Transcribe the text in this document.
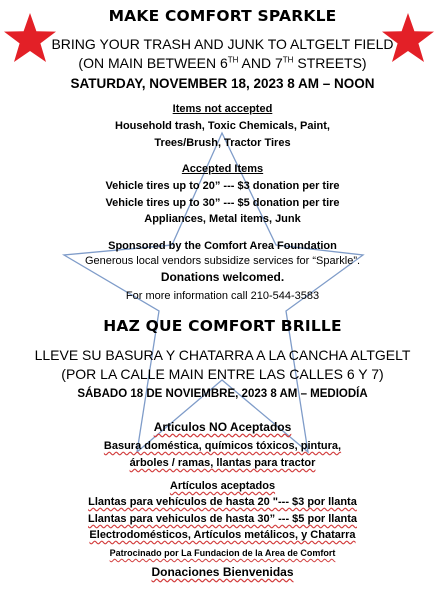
MAKE COMFORT SPARKLE
BRING YOUR TRASH AND JUNK TO ALTGELT FIELD
(ON MAIN BETWEEN 6TH AND 7TH STREETS)
SATURDAY, NOVEMBER 18, 2023 8 AM – NOON
Items not accepted
Household trash, Toxic Chemicals, Paint,
Trees/Brush, Tractor Tires
Accepted Items
Vehicle tires up to 20” --- $3 donation per tire
Vehicle tires up to 30” --- $5 donation per tire
Appliances, Metal items, Junk
Sponsored by the Comfort Area Foundation
Generous local vendors subsidize services for “Sparkle”.
Donations welcomed.
For more information call 210-544-3583
HAZ QUE COMFORT BRILLE
LLEVE SU BASURA Y CHATARRA A LA CANCHA ALTGELT
(POR LA CALLE MAIN ENTRE LAS CALLES 6 Y 7)
SÁBADO 18 DE NOVIEMBRE, 2023 8 AM – MEDIODÍA
Articulos NO Aceptados
Basura doméstica, químicos tóxicos, pintura,
árboles / ramas, llantas para tractor
Artículos aceptados
Llantas para vehículos de hasta 20 "--- $3 por llanta
Llantas para vehiculos de hasta 30” --- $5 por llanta
Electrodomésticos, Artículos metálicos, y Chatarra
Patrocinado por La Fundacion de la Area de Comfort
Donaciones Bienvenidas
